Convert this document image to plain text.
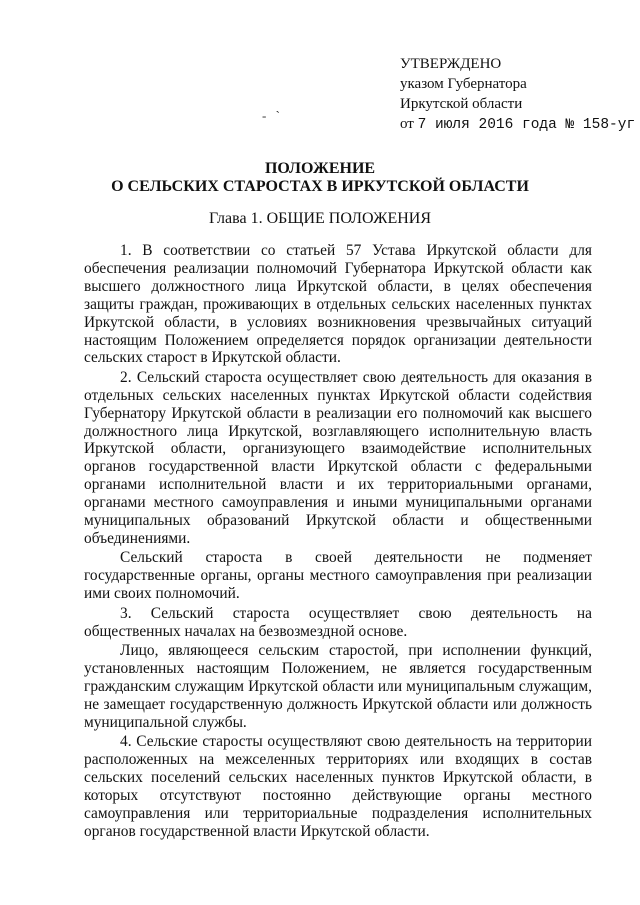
УТВЕРЖДЕНО
указом Губернатора
Иркутской области
от 7 июля 2016 года № 158-уг
- `
ПОЛОЖЕНИЕ
О СЕЛЬСКИХ СТАРОСТАХ В ИРКУТСКОЙ ОБЛАСТИ
Глава 1. ОБЩИЕ ПОЛОЖЕНИЯ

1. В соответствии со статьей 57 Устава Иркутской области для обеспечения реализации полномочий Губернатора Иркутской области как высшего должностного лица Иркутской области, в целях обеспечения защиты граждан, проживающих в отдельных сельских населенных пунктах Иркутской области, в условиях возникновения чрезвычайных ситуаций настоящим Положением определяется порядок организации деятельности сельских старост в Иркутской области.

2. Сельский староста осуществляет свою деятельность для оказания в отдельных сельских населенных пунктах Иркутской области содействия Губернатору Иркутской области в реализации его полномочий как высшего должностного лица Иркутской, возглавляющего исполнительную власть Иркутской области, организующего взаимодействие исполнительных органов государственной власти Иркутской области с федеральными органами исполнительной власти и их территориальными органами, органами местного самоуправления и иными муниципальными органами муниципальных образований Иркутской области и общественными объединениями.

Сельский староста в своей деятельности не подменяет государственные органы, органы местного самоуправления при реализации ими своих полномочий.

3. Сельский староста осуществляет свою деятельность на общественных началах на безвозмездной основе.

Лицо, являющееся сельским старостой, при исполнении функций, установленных настоящим Положением, не является государственным гражданским служащим Иркутской области или муниципальным служащим, не замещает государственную должность Иркутской области или должность муниципальной службы.

4. Сельские старосты осуществляют свою деятельность на территории расположенных на межселенных территориях или входящих в состав сельских поселений сельских населенных пунктов Иркутской области, в которых отсутствуют постоянно действующие органы местного самоуправления или территориальные подразделения исполнительных органов государственной власти Иркутской области.
